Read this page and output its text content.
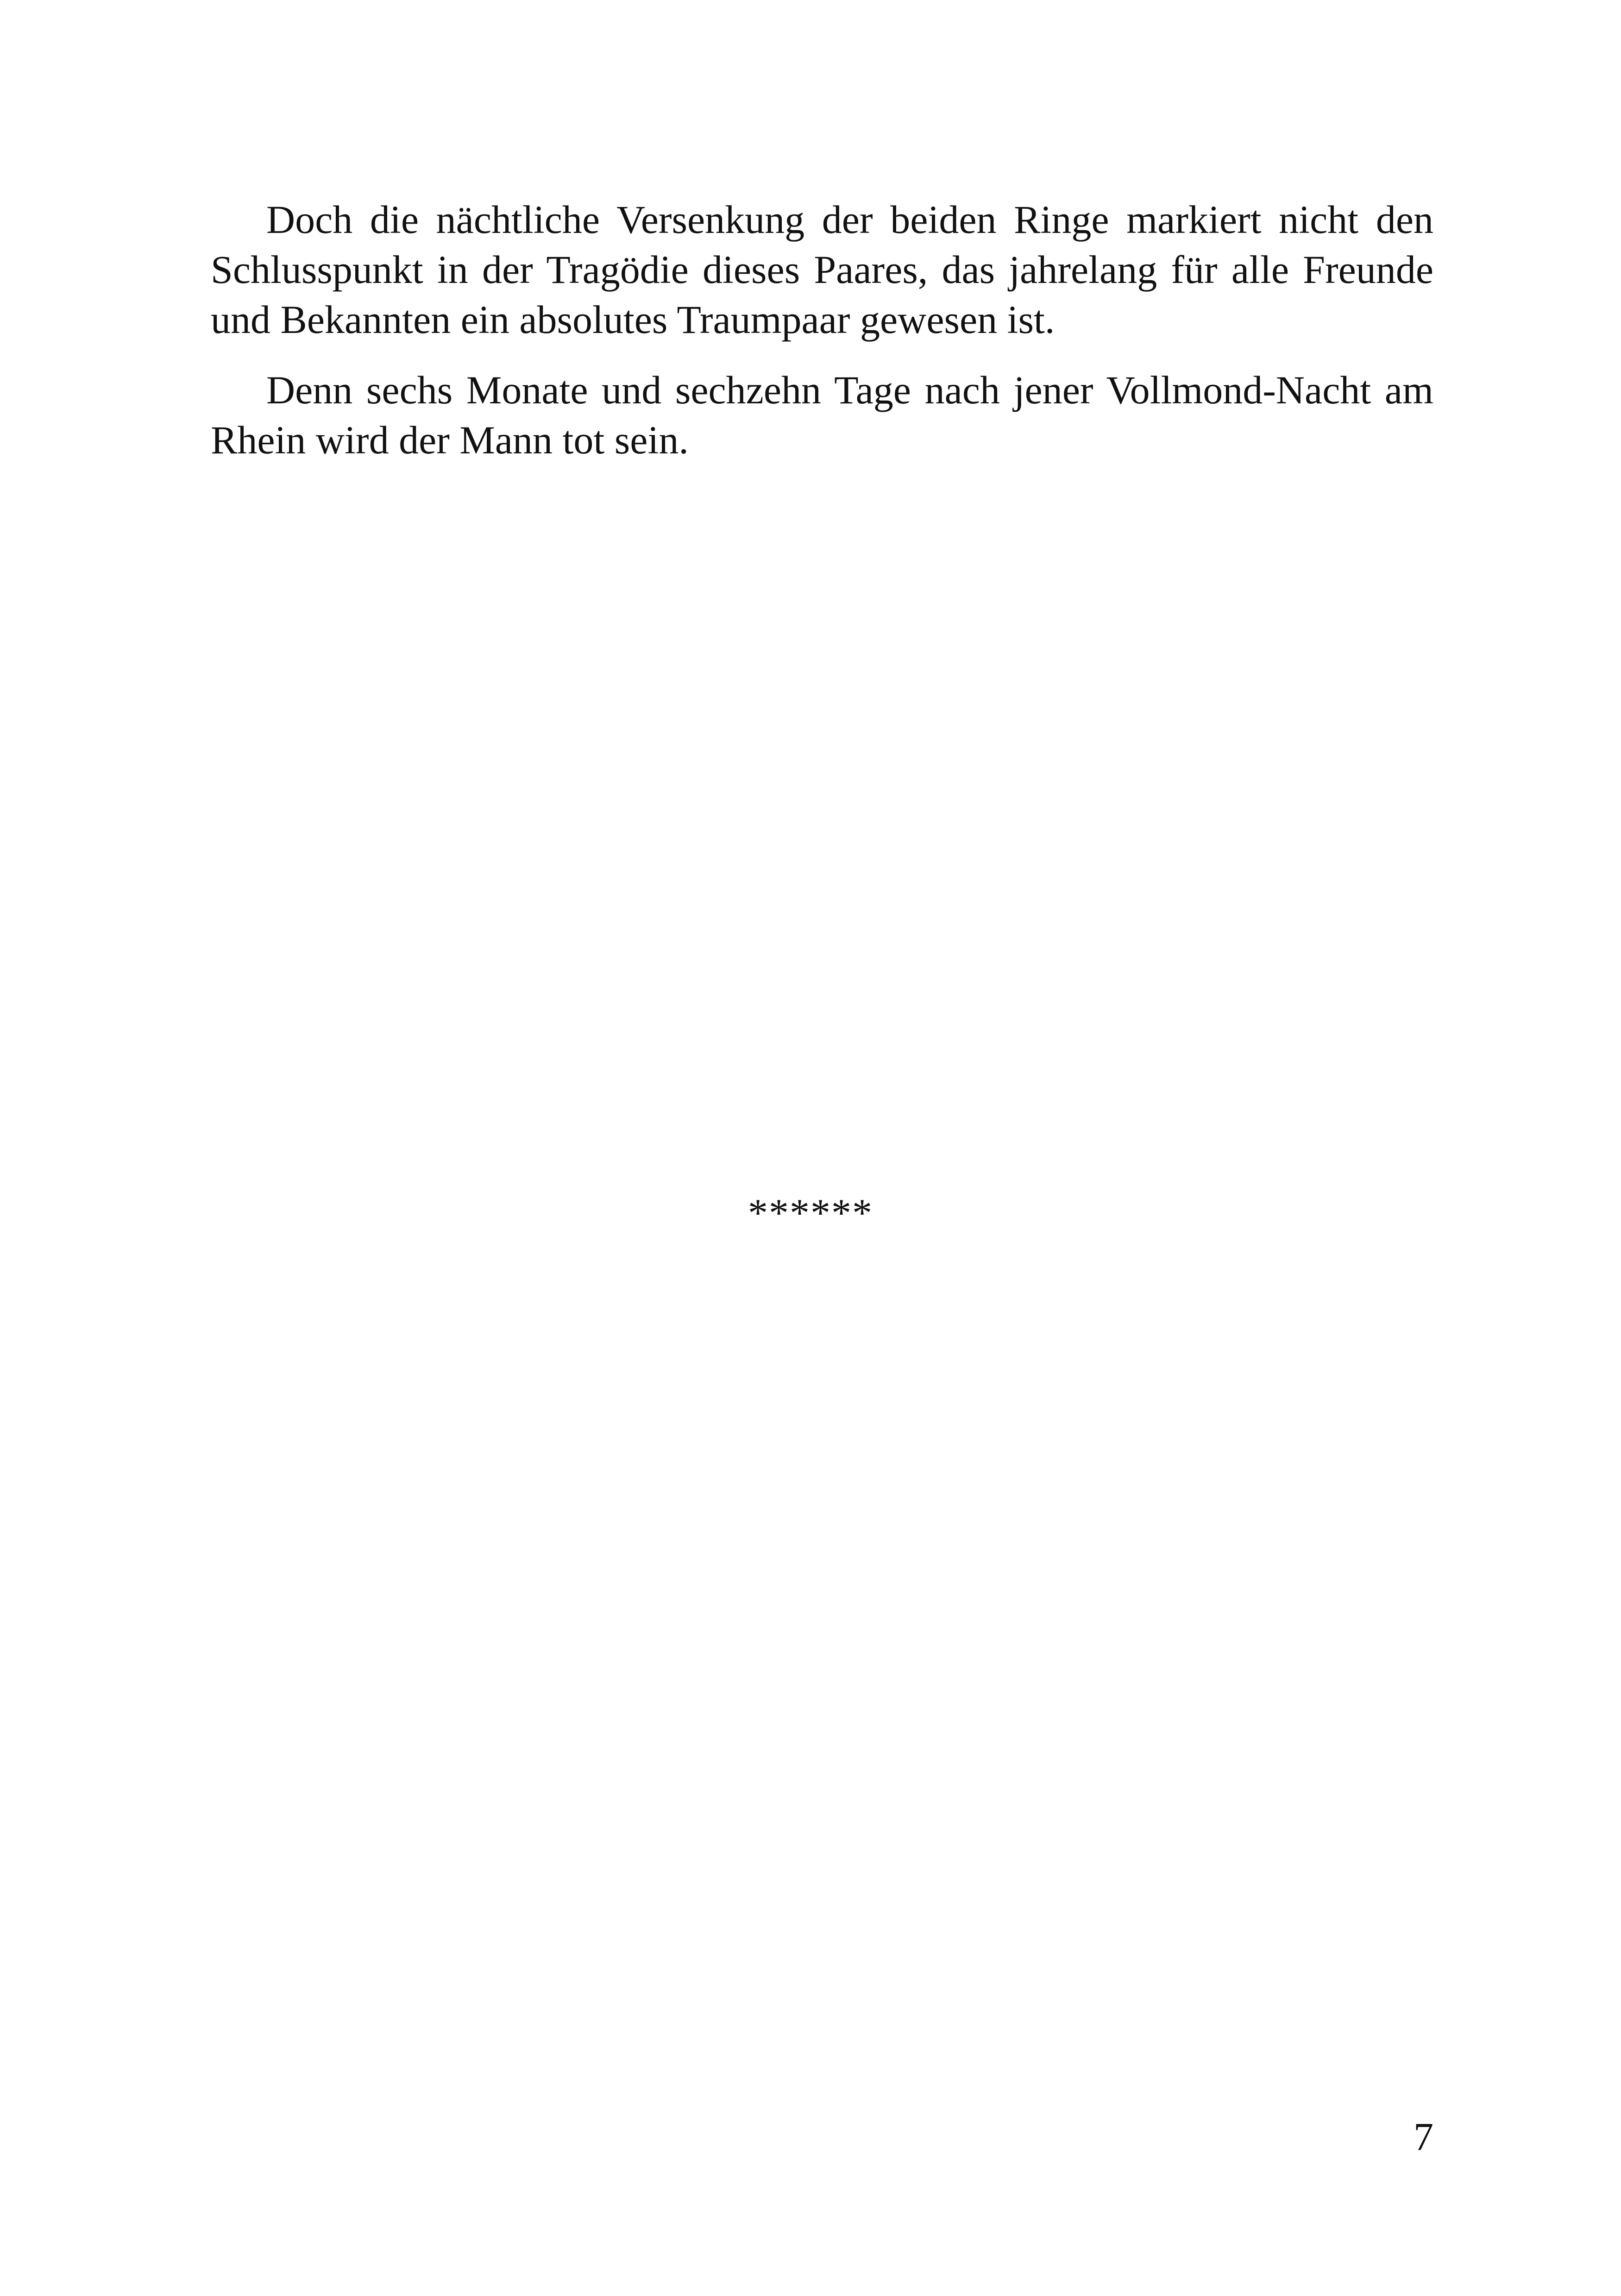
Doch die nächtliche Versenkung der beiden Ringe markiert nicht den Schlusspunkt in der Tragödie dieses Paares, das jahrelang für alle Freunde und Bekannten ein absolutes Traumpaar gewesen ist.

Denn sechs Monate und sechzehn Tage nach jener Vollmond-Nacht am Rhein wird der Mann tot sein.

******
7
